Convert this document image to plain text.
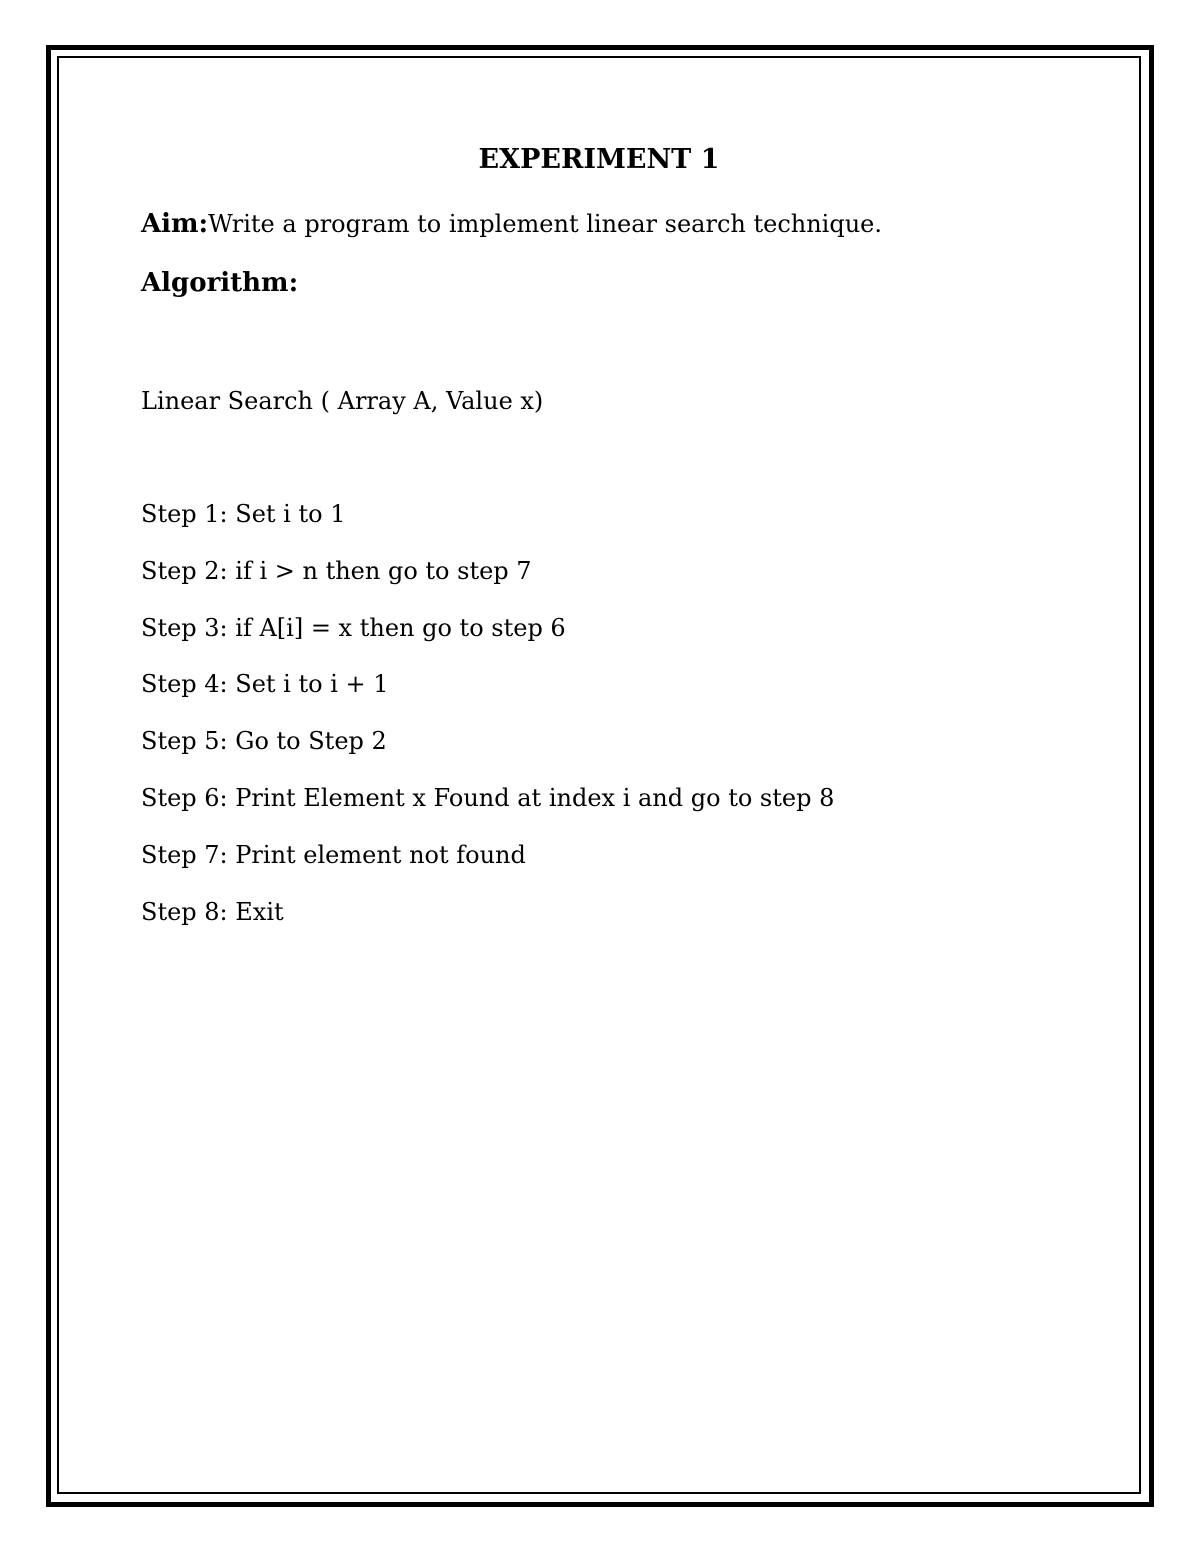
EXPERIMENT 1
Aim:Write a program to implement linear search technique.
Algorithm:
Linear Search ( Array A, Value x)
Step 1: Set i to 1
Step 2: if i > n then go to step 7
Step 3: if A[i] = x then go to step 6
Step 4: Set i to i + 1
Step 5: Go to Step 2
Step 6: Print Element x Found at index i and go to step 8
Step 7: Print element not found
Step 8: Exit
